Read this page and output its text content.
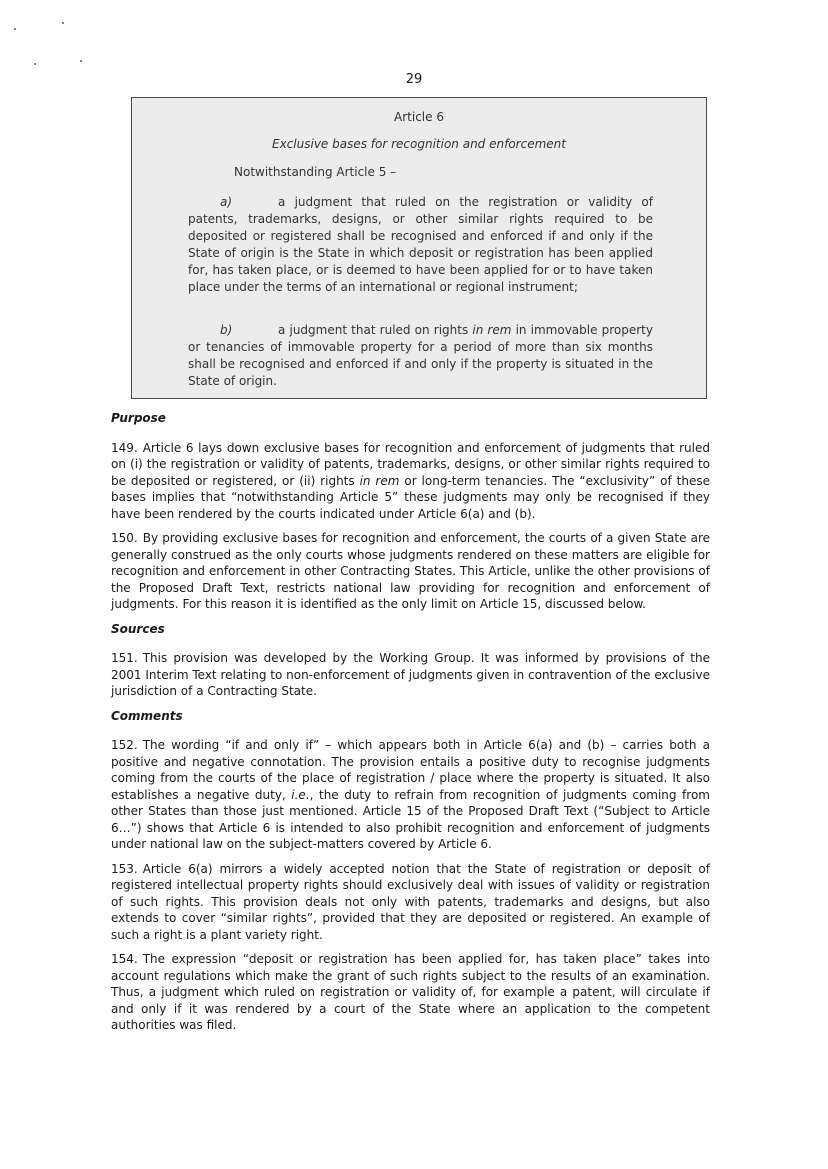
29
Article 6
Exclusive bases for recognition and enforcement
Notwithstanding Article 5 –

a)	a judgment that ruled on the registration or validity of patents, trademarks, designs, or other similar rights required to be deposited or registered shall be recognised and enforced if and only if the State of origin is the State in which deposit or registration has been applied for, has taken place, or is deemed to have been applied for or to have taken place under the terms of an international or regional instrument;

b)	a judgment that ruled on rights in rem in immovable property or tenancies of immovable property for a period of more than six months shall be recognised and enforced if and only if the property is situated in the State of origin.

Purpose

149. Article 6 lays down exclusive bases for recognition and enforcement of judgments that ruled on (i) the registration or validity of patents, trademarks, designs, or other similar rights required to be deposited or registered, or (ii) rights in rem or long-term tenancies. The “exclusivity” of these bases implies that “notwithstanding Article 5” these judgments may only be recognised if they have been rendered by the courts indicated under Article 6(a) and (b).

150. By providing exclusive bases for recognition and enforcement, the courts of a given State are generally construed as the only courts whose judgments rendered on these matters are eligible for recognition and enforcement in other Contracting States. This Article, unlike the other provisions of the Proposed Draft Text, restricts national law providing for recognition and enforcement of judgments. For this reason it is identified as the only limit on Article 15, discussed below.

Sources

151. This provision was developed by the Working Group. It was informed by provisions of the 2001 Interim Text relating to non-enforcement of judgments given in contravention of the exclusive jurisdiction of a Contracting State.

Comments

152. The wording “if and only if” – which appears both in Article 6(a) and (b) – carries both a positive and negative connotation. The provision entails a positive duty to recognise judgments coming from the courts of the place of registration / place where the property is situated. It also establishes a negative duty, i.e., the duty to refrain from recognition of judgments coming from other States than those just mentioned. Article 15 of the Proposed Draft Text (“Subject to Article 6…”) shows that Article 6 is intended to also prohibit recognition and enforcement of judgments under national law on the subject-matters covered by Article 6.

153. Article 6(a) mirrors a widely accepted notion that the State of registration or deposit of registered intellectual property rights should exclusively deal with issues of validity or registration of such rights. This provision deals not only with patents, trademarks and designs, but also extends to cover “similar rights”, provided that they are deposited or registered. An example of such a right is a plant variety right.

154. The expression “deposit or registration has been applied for, has taken place” takes into account regulations which make the grant of such rights subject to the results of an examination. Thus, a judgment which ruled on registration or validity of, for example a patent, will circulate if and only if it was rendered by a court of the State where an application to the competent authorities was filed.
